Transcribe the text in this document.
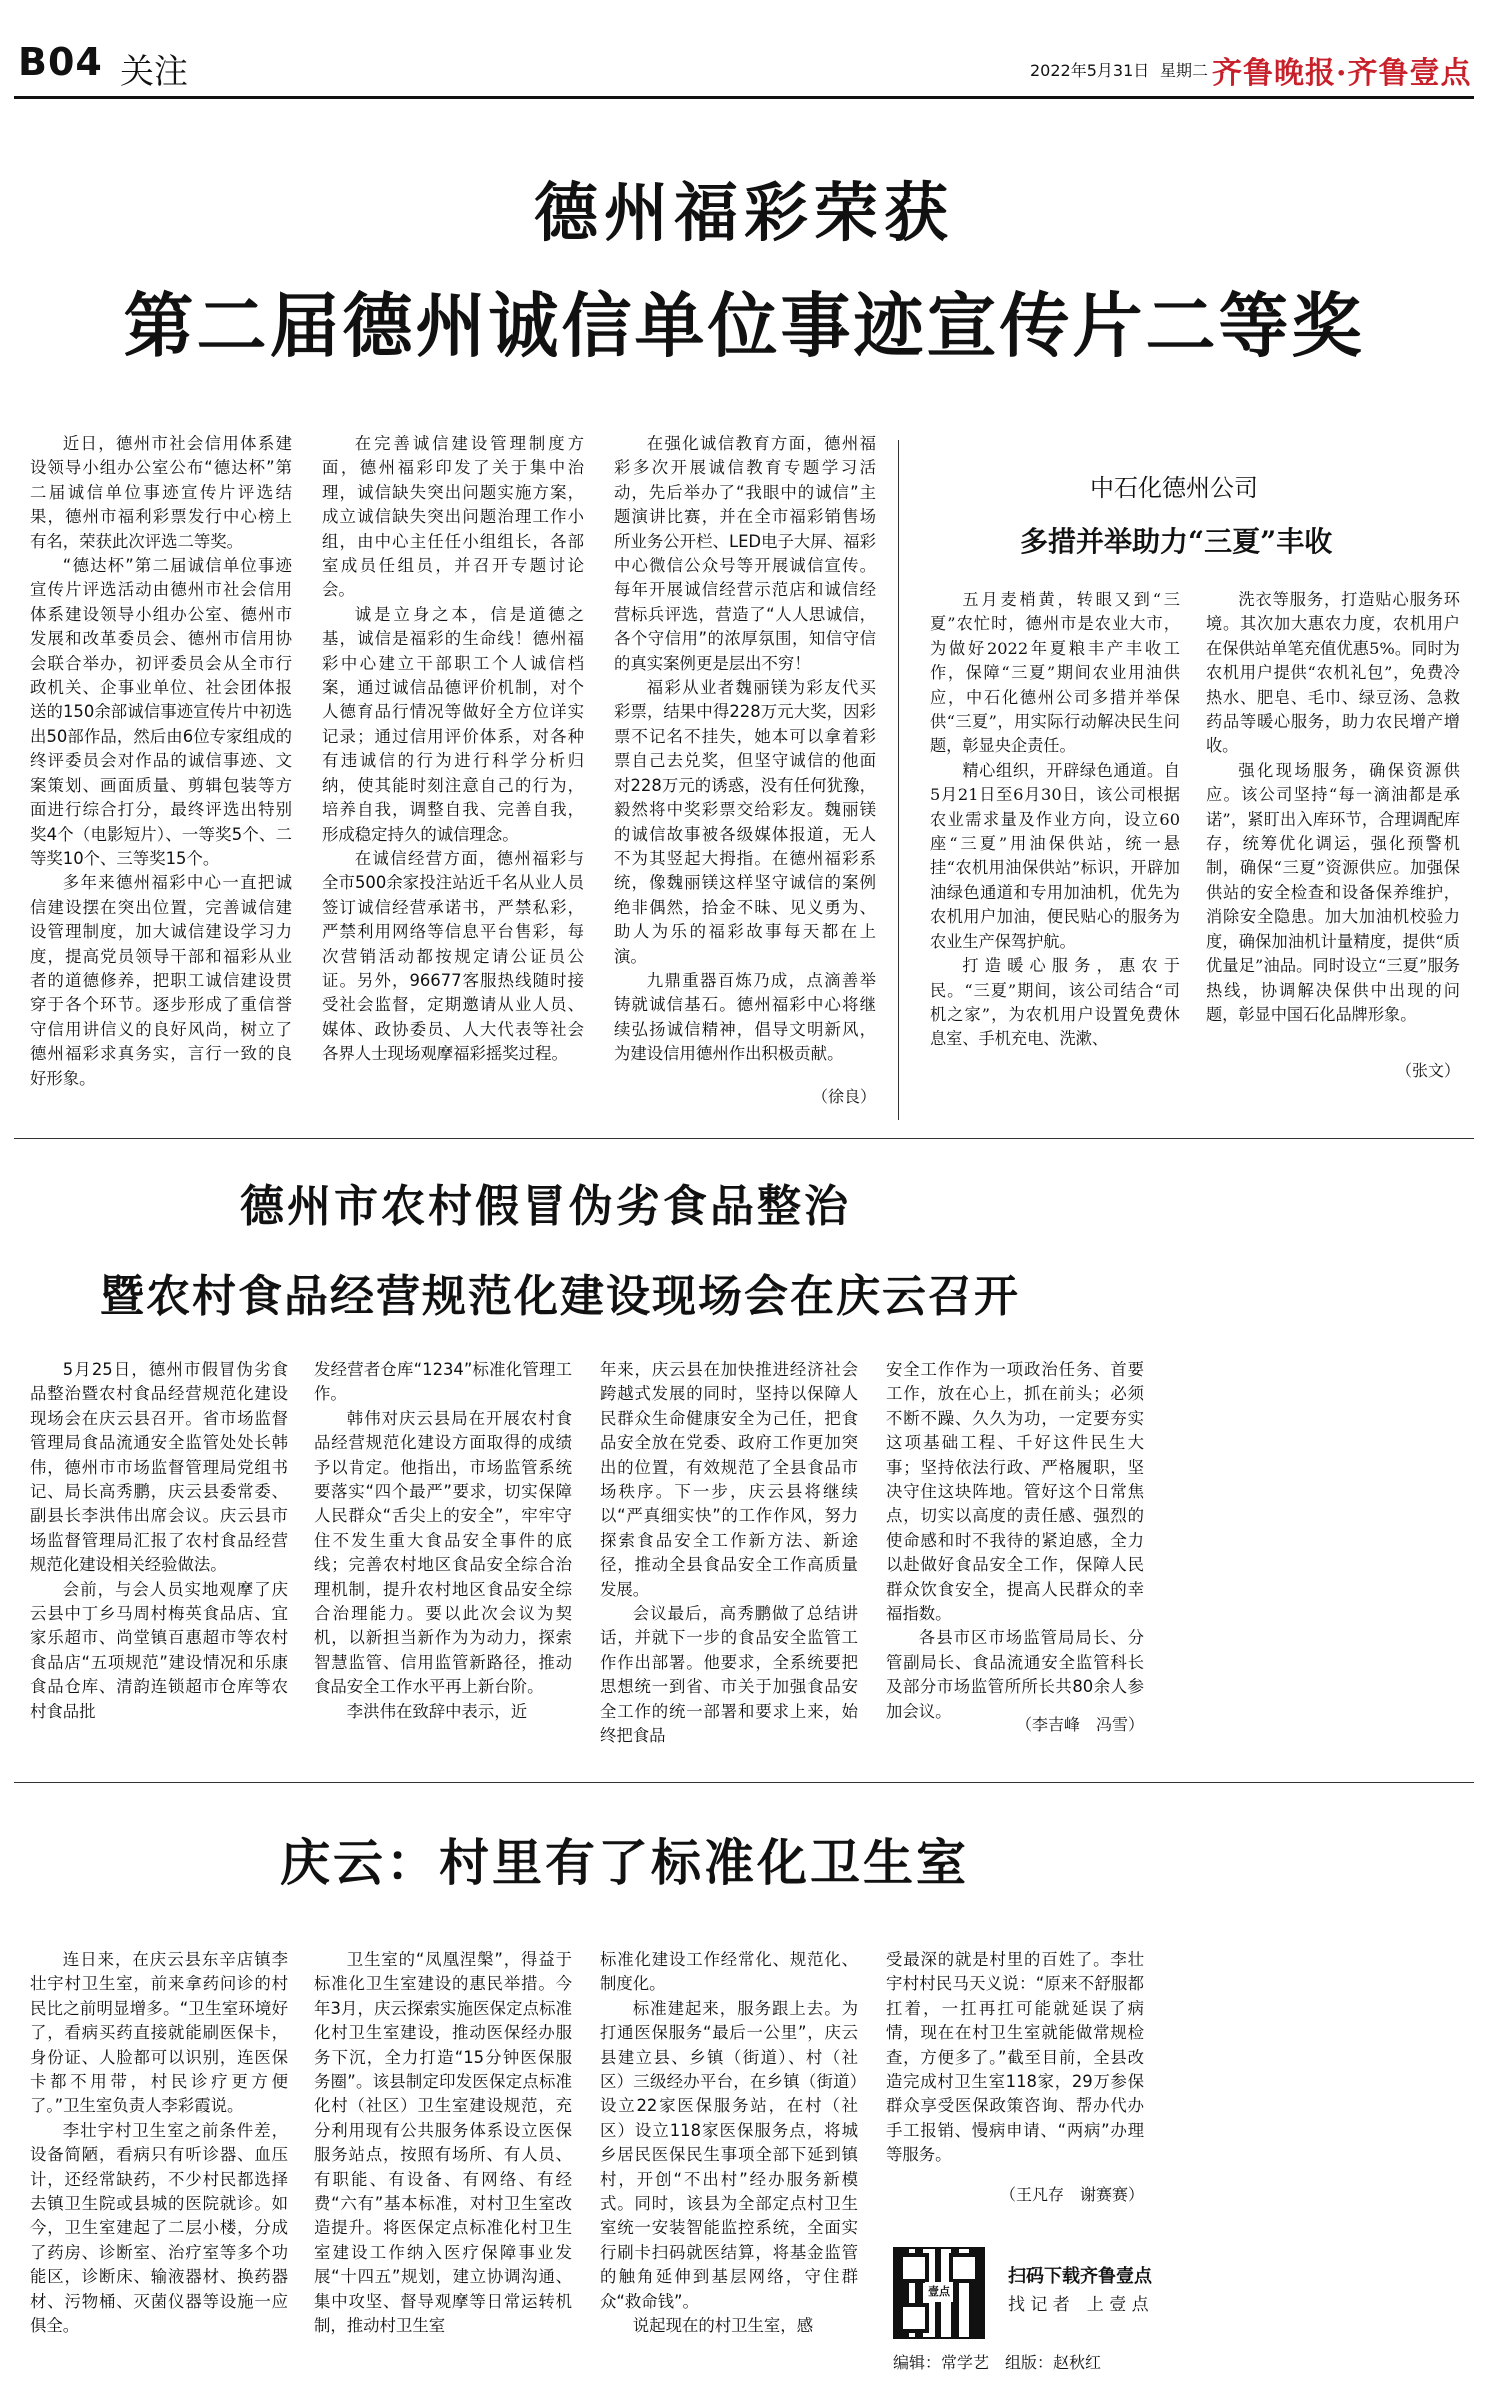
B04 关注	2022年5月31日 星期二 齐鲁晚报·齐鲁壹点
德州福彩荣获
第二届德州诚信单位事迹宣传片二等奖

近日，德州市社会信用体系建设领导小组办公室公布“德达杯”第二届诚信单位事迹宣传片评选结果，德州市福利彩票发行中心榜上有名，荣获此次评选二等奖。

“德达杯”第二届诚信单位事迹宣传片评选活动由德州市社会信用体系建设领导小组办公室、德州市发展和改革委员会、德州市信用协会联合举办，初评委员会从全市行政机关、企事业单位、社会团体报送的150余部诚信事迹宣传片中初选出50部作品，然后由6位专家组成的终评委员会对作品的诚信事迹、文案策划、画面质量、剪辑包装等方面进行综合打分，最终评选出特别奖4个（电影短片）、一等奖5个、二等奖10个、三等奖15个。

多年来德州福彩中心一直把诚信建设摆在突出位置，完善诚信建设管理制度，加大诚信建设学习力度，提高党员领导干部和福彩从业者的道德修养，把职工诚信建设贯穿于各个环节。逐步形成了重信誉守信用讲信义的良好风尚，树立了德州福彩求真务实，言行一致的良好形象。

在完善诚信建设管理制度方面，德州福彩印发了关于集中治理，诚信缺失突出问题实施方案，成立诚信缺失突出问题治理工作小组，由中心主任任小组组长，各部室成员任组员，并召开专题讨论会。

诚是立身之本，信是道德之基，诚信是福彩的生命线！德州福彩中心建立干部职工个人诚信档案，通过诚信品德评价机制，对个人德育品行情况等做好全方位详实记录；通过信用评价体系，对各种有违诚信的行为进行科学分析归纳，使其能时刻注意自己的行为，培养自我，调整自我、完善自我，形成稳定持久的诚信理念。

在诚信经营方面，德州福彩与全市500余家投注站近千名从业人员签订诚信经营承诺书，严禁私彩，严禁利用网络等信息平台售彩，每次营销活动都按规定请公证员公证。另外，96677客服热线随时接受社会监督，定期邀请从业人员、媒体、政协委员、人大代表等社会各界人士现场观摩福彩摇奖过程。

在强化诚信教育方面，德州福彩多次开展诚信教育专题学习活动，先后举办了“我眼中的诚信”主题演讲比赛，并在全市福彩销售场所业务公开栏、LED电子大屏、福彩中心微信公众号等开展诚信宣传。每年开展诚信经营示范店和诚信经营标兵评选，营造了“人人思诚信，各个守信用”的浓厚氛围，知信守信的真实案例更是层出不穷！

福彩从业者魏丽镁为彩友代买彩票，结果中得228万元大奖，因彩票不记名不挂失，她本可以拿着彩票自己去兑奖，但坚守诚信的他面对228万元的诱惑，没有任何犹豫，毅然将中奖彩票交给彩友。魏丽镁的诚信故事被各级媒体报道，无人不为其竖起大拇指。在德州福彩系统，像魏丽镁这样坚守诚信的案例绝非偶然，拾金不昧、见义勇为、助人为乐的福彩故事每天都在上演。

九鼎重器百炼乃成，点滴善举铸就诚信基石。德州福彩中心将继续弘扬诚信精神，倡导文明新风，为建设信用德州作出积极贡献。

（徐良）
中石化德州公司
多措并举助力“三夏”丰收

五月麦梢黄，转眼又到“三夏”农忙时，德州市是农业大市，为做好2022年夏粮丰产丰收工作，保障“三夏”期间农业用油供应，中石化德州公司多措并举保供“三夏”，用实际行动解决民生问题，彰显央企责任。

精心组织，开辟绿色通道。自5月21日至6月30日，该公司根据农业需求量及作业方向，设立60座“三夏”用油保供站，统一悬挂“农机用油保供站”标识，开辟加油绿色通道和专用加油机，优先为农机用户加油，便民贴心的服务为农业生产保驾护航。

打造暖心服务，惠农于民。“三夏”期间，该公司结合“司机之家”，为农机用户设置免费休息室、手机充电、洗漱、

洗衣等服务，打造贴心服务环境。其次加大惠农力度，农机用户在保供站单笔充值优惠5%。同时为农机用户提供“农机礼包”，免费冷热水、肥皂、毛巾、绿豆汤、急救药品等暖心服务，助力农民增产增收。

强化现场服务，确保资源供应。该公司坚持“每一滴油都是承诺”，紧盯出入库环节，合理调配库存，统筹优化调运，强化预警机制，确保“三夏”资源供应。加强保供站的安全检查和设备保养维护，消除安全隐患。加大加油机校验力度，确保加油机计量精度，提供“质优量足”油品。同时设立“三夏”服务热线，协调解决保供中出现的问题，彰显中国石化品牌形象。

（张文）
德州市农村假冒伪劣食品整治
暨农村食品经营规范化建设现场会在庆云召开

5月25日，德州市假冒伪劣食品整治暨农村食品经营规范化建设现场会在庆云县召开。省市场监督管理局食品流通安全监管处处长韩伟，德州市市场监督管理局党组书记、局长高秀鹏，庆云县委常委、副县长李洪伟出席会议。庆云县市场监督管理局汇报了农村食品经营规范化建设相关经验做法。

会前，与会人员实地观摩了庆云县中丁乡马周村梅英食品店、宜家乐超市、尚堂镇百惠超市等农村食品店“五项规范”建设情况和乐康食品仓库、清韵连锁超市仓库等农村食品批

发经营者仓库“1234”标准化管理工作。

韩伟对庆云县局在开展农村食品经营规范化建设方面取得的成绩予以肯定。他指出，市场监管系统要落实“四个最严”要求，切实保障人民群众“舌尖上的安全”，牢牢守住不发生重大食品安全事件的底线；完善农村地区食品安全综合治理机制，提升农村地区食品安全综合治理能力。要以此次会议为契机，以新担当新作为为动力，探索智慧监管、信用监管新路径，推动食品安全工作水平再上新台阶。

李洪伟在致辞中表示，近

年来，庆云县在加快推进经济社会跨越式发展的同时，坚持以保障人民群众生命健康安全为己任，把食品安全放在党委、政府工作更加突出的位置，有效规范了全县食品市场秩序。下一步，庆云县将继续以“严真细实快”的工作作风，努力探索食品安全工作新方法、新途径，推动全县食品安全工作高质量发展。

会议最后，高秀鹏做了总结讲话，并就下一步的食品安全监管工作作出部署。他要求，全系统要把思想统一到省、市关于加强食品安全工作的统一部署和要求上来，始终把食品

安全工作作为一项政治任务、首要工作，放在心上，抓在前头；必须不断不躁、久久为功，一定要夯实这项基础工程、千好这件民生大事；坚持依法行政、严格履职，坚决守住这块阵地。管好这个日常焦点，切实以高度的责任感、强烈的使命感和时不我待的紧迫感，全力以赴做好食品安全工作，保障人民群众饮食安全，提高人民群众的幸福指数。

各县市区市场监管局局长、分管副局长、食品流通安全监管科长及部分市场监管所所长共80余人参加会议。

（李吉峰　冯雪）
庆云：村里有了标准化卫生室

连日来，在庆云县东辛店镇李壮宇村卫生室，前来拿药问诊的村民比之前明显增多。“卫生室环境好了，看病买药直接就能刷医保卡，身份证、人脸都可以识别，连医保卡都不用带，村民诊疗更方便了。”卫生室负责人李彩霞说。

李壮宇村卫生室之前条件差，设备简陋，看病只有听诊器、血压计，还经常缺药，不少村民都选择去镇卫生院或县城的医院就诊。如今，卫生室建起了二层小楼，分成了药房、诊断室、治疗室等多个功能区，诊断床、输液器材、换药器材、污物桶、灭菌仪器等设施一应俱全。

卫生室的“凤凰涅槃”，得益于标准化卫生室建设的惠民举措。今年3月，庆云探索实施医保定点标准化村卫生室建设，推动医保经办服务下沉，全力打造“15分钟医保服务圈”。该县制定印发医保定点标准化村（社区）卫生室建设规范，充分利用现有公共服务体系设立医保服务站点，按照有场所、有人员、有职能、有设备、有网络、有经费“六有”基本标准，对村卫生室改造提升。将医保定点标准化村卫生室建设工作纳入医疗保障事业发展“十四五”规划，建立协调沟通、集中攻坚、督导观摩等日常运转机制，推动村卫生室

标准化建设工作经常化、规范化、制度化。

标准建起来，服务跟上去。为打通医保服务“最后一公里”，庆云县建立县、乡镇（街道）、村（社区）三级经办平台，在乡镇（街道）设立22家医保服务站，在村（社区）设立118家医保服务点，将城乡居民医保民生事项全部下延到镇村，开创“不出村”经办服务新模式。同时，该县为全部定点村卫生室统一安装智能监控系统，全面实行刷卡扫码就医结算，将基金监管的触角延伸到基层网络，守住群众“救命钱”。

说起现在的村卫生室，感

受最深的就是村里的百姓了。李壮宇村村民马天义说：“原来不舒服都扛着，一扛再扛可能就延误了病情，现在在村卫生室就能做常规检查，方便多了。”截至目前，全县改造完成村卫生室118家，29万参保群众享受医保政策咨询、帮办代办手工报销、慢病申请、“两病”办理等服务。

（王凡存　谢赛赛）
壹点
扫码下载齐鲁壹点
找 记 者　上 壹 点
编辑：常学艺　组版：赵秋红
